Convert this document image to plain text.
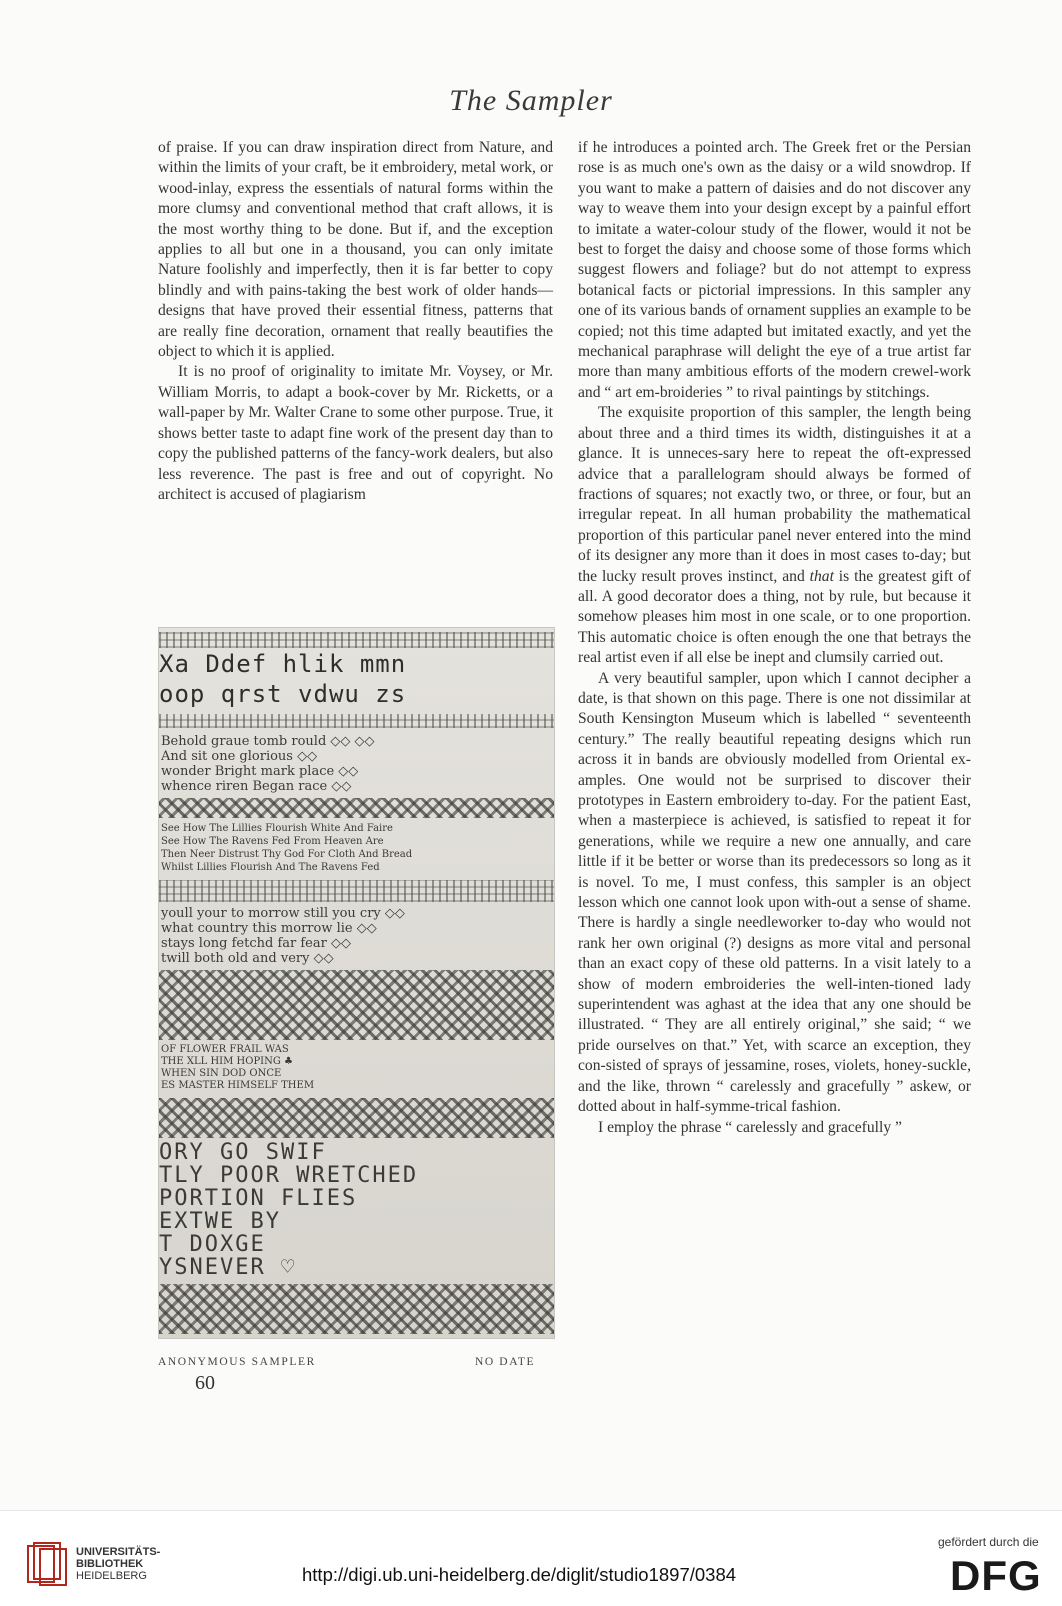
The Sampler

of praise. If you can draw inspiration direct from Nature, and within the limits of your craft, be it embroidery, metal work, or wood-inlay, express the essentials of natural forms within the more clumsy and conventional method that craft allows, it is the most worthy thing to be done. But if, and the exception applies to all but one in a thousand, you can only imitate Nature foolishly and imperfectly, then it is far better to copy blindly and with pains-taking the best work of older hands—designs that have proved their essential fitness, patterns that are really fine decoration, ornament that really beautifies the object to which it is applied.

It is no proof of originality to imitate Mr. Voysey, or Mr. William Morris, to adapt a book-cover by Mr. Ricketts, or a wall-paper by Mr. Walter Crane to some other purpose. True, it shows better taste to adapt fine work of the present day than to copy the published patterns of the fancy-work dealers, but also less reverence. The past is free and out of copyright. No architect is accused of plagiarism

Xa Ddef hlik mmn
oop qrst vdwu zs
Behold graue tomb rould ◇◇ ◇◇
And sit one glorious ◇◇
wonder Bright mark place ◇◇
whence riren Began race ◇◇
See How The Lillies Flourish White And Faire
See How The Ravens Fed From Heaven Are
Then Neer Distrust Thy God For Cloth And Bread
Whilst Lillies Flourish And The Ravens Fed
youll your to morrow still you cry ◇◇
what country this morrow lie ◇◇
stays long fetchd far fear ◇◇
twill both old and very ◇◇
OF FLOWER FRAIL WAS
THE XLL HIM HOPING ♣
WHEN SIN DOD ONCE
ES MASTER HIMSELF THEM
ORY GO SWIF
TLY POOR WRETCHED
PORTION FLIES
EXTWE BY
T DOXGE
YSNEVER ♡
ANONYMOUS SAMPLER	NO DATE
60

if he introduces a pointed arch. The Greek fret or the Persian rose is as much one's own as the daisy or a wild snowdrop. If you want to make a pattern of daisies and do not discover any way to weave them into your design except by a painful effort to imitate a water-colour study of the flower, would it not be best to forget the daisy and choose some of those forms which suggest flowers and foliage? but do not attempt to express botanical facts or pictorial impressions. In this sampler any one of its various bands of ornament supplies an example to be copied; not this time adapted but imitated exactly, and yet the mechanical paraphrase will delight the eye of a true artist far more than many ambitious efforts of the modern crewel-work and “ art em-broideries ” to rival paintings by stitchings.

The exquisite proportion of this sampler, the length being about three and a third times its width, distinguishes it at a glance. It is unneces-sary here to repeat the oft-expressed advice that a parallelogram should always be formed of fractions of squares; not exactly two, or three, or four, but an irregular repeat. In all human probability the mathematical proportion of this particular panel never entered into the mind of its designer any more than it does in most cases to-day; but the lucky result proves instinct, and that is the greatest gift of all. A good decorator does a thing, not by rule, but because it somehow pleases him most in one scale, or to one proportion. This automatic choice is often enough the one that betrays the real artist even if all else be inept and clumsily carried out.

A very beautiful sampler, upon which I cannot decipher a date, is that shown on this page. There is one not dissimilar at South Kensington Museum which is labelled “ seventeenth century.” The really beautiful repeating designs which run across it in bands are obviously modelled from Oriental ex-amples. One would not be surprised to discover their prototypes in Eastern embroidery to-day. For the patient East, when a masterpiece is achieved, is satisfied to repeat it for generations, while we require a new one annually, and care little if it be better or worse than its predecessors so long as it is novel. To me, I must confess, this sampler is an object lesson which one cannot look upon with-out a sense of shame. There is hardly a single needleworker to-day who would not rank her own original (?) designs as more vital and personal than an exact copy of these old patterns. In a visit lately to a show of modern embroideries the well-inten-tioned lady superintendent was aghast at the idea that any one should be illustrated. “ They are all entirely original,” she said; “ we pride ourselves on that.” Yet, with scarce an exception, they con-sisted of sprays of jessamine, roses, violets, honey-suckle, and the like, thrown “ carelessly and gracefully ” askew, or dotted about in half-symme-trical fashion.

I employ the phrase “ carelessly and gracefully ”

UNIVERSITÄTS-
BIBLIOTHEK
HEIDELBERG	http://digi.ub.uni-heidelberg.de/diglit/studio1897/0384
gefördert durch die
DFG
